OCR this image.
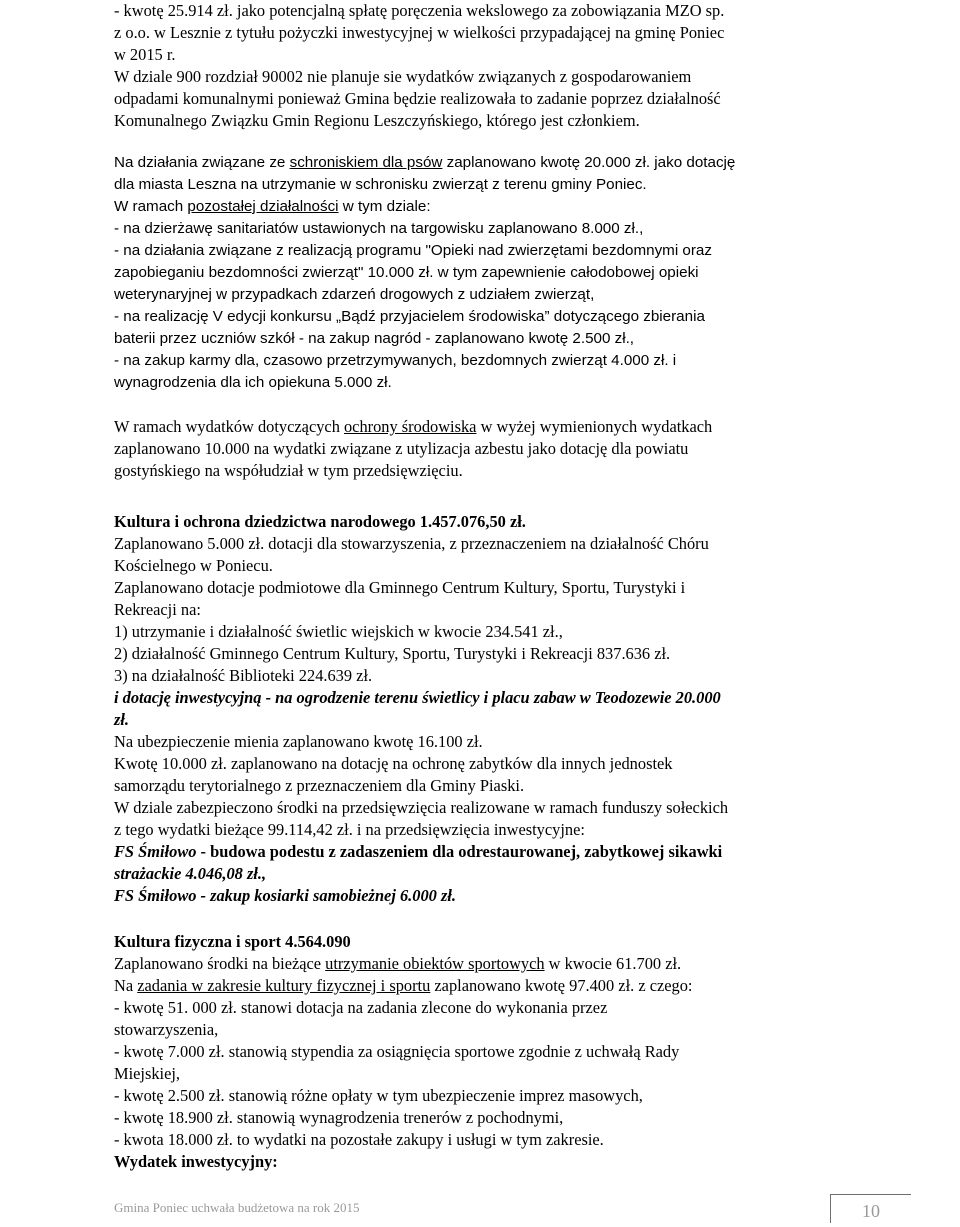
- kwotę 25.914 zł. jako potencjalną spłatę poręczenia wekslowego za zobowiązania MZO sp.

z o.o. w Lesznie z tytułu pożyczki inwestycyjnej w wielkości przypadającej na gminę Poniec

w 2015 r.

W dziale 900 rozdział 90002 nie planuje sie wydatków związanych z gospodarowaniem

odpadami komunalnymi ponieważ Gmina będzie realizowała to zadanie poprzez działalność

Komunalnego Związku Gmin Regionu Leszczyńskiego, którego jest członkiem.

Na działania związane ze schroniskiem dla psów zaplanowano kwotę 20.000 zł. jako dotację

dla miasta Leszna na utrzymanie w schronisku zwierząt z terenu gminy Poniec.

W ramach pozostałej działalności w tym dziale:

- na dzierżawę sanitariatów ustawionych na targowisku zaplanowano 8.000 zł.,

- na działania związane z realizacją programu "Opieki nad zwierzętami bezdomnymi oraz

zapobieganiu bezdomności zwierząt" 10.000 zł. w tym zapewnienie całodobowej opieki

weterynaryjnej w przypadkach zdarzeń drogowych z udziałem zwierząt,

- na realizację V edycji konkursu „Bądź przyjacielem środowiska” dotyczącego zbierania

baterii przez uczniów szkół - na zakup nagród - zaplanowano kwotę 2.500 zł.,

- na zakup karmy dla, czasowo przetrzymywanych, bezdomnych zwierząt 4.000 zł. i

wynagrodzenia dla ich opiekuna 5.000 zł.

W ramach wydatków dotyczących ochrony środowiska w wyżej wymienionych wydatkach

zaplanowano 10.000 na wydatki związane z utylizacja azbestu jako dotację dla powiatu

gostyńskiego na współudział w tym przedsięwzięciu.

Kultura i ochrona dziedzictwa narodowego 1.457.076,50 zł.

Zaplanowano 5.000 zł. dotacji dla stowarzyszenia, z przeznaczeniem na działalność Chóru

Kościelnego w Poniecu.

Zaplanowano dotacje podmiotowe dla Gminnego Centrum Kultury, Sportu, Turystyki i

Rekreacji na:

1) utrzymanie i działalność świetlic wiejskich w kwocie 234.541 zł.,

2) działalność Gminnego Centrum Kultury, Sportu, Turystyki i Rekreacji 837.636 zł.

3) na działalność Biblioteki 224.639 zł.

i dotację inwestycyjną - na ogrodzenie terenu świetlicy i placu zabaw w Teodozewie 20.000

zł.

Na ubezpieczenie mienia zaplanowano kwotę 16.100 zł.

Kwotę 10.000 zł. zaplanowano na dotację na ochronę zabytków dla innych jednostek

samorządu terytorialnego z przeznaczeniem dla Gminy Piaski.

W dziale zabezpieczono środki na przedsięwzięcia realizowane w ramach funduszy sołeckich

z tego wydatki bieżące 99.114,42 zł. i na przedsięwzięcia inwestycyjne:

FS Śmiłowo - budowa podestu z zadaszeniem dla odrestaurowanej, zabytkowej sikawki

strażackie 4.046,08 zł.,

FS Śmiłowo - zakup kosiarki samobieżnej 6.000 zł.

Kultura fizyczna i sport 4.564.090

Zaplanowano środki na bieżące utrzymanie obiektów sportowych w kwocie 61.700 zł.

Na zadania w zakresie kultury fizycznej i sportu zaplanowano kwotę 97.400 zł. z czego:

- kwotę 51. 000 zł. stanowi dotacja na zadania zlecone do wykonania przez

stowarzyszenia,

- kwotę 7.000 zł. stanowią stypendia za osiągnięcia sportowe zgodnie z uchwałą Rady

Miejskiej,

- kwotę 2.500 zł. stanowią różne opłaty w tym ubezpieczenie imprez masowych,

- kwotę 18.900 zł. stanowią wynagrodzenia trenerów z pochodnymi,

- kwota 18.000 zł. to wydatki na pozostałe zakupy i usługi w tym zakresie.

Wydatek inwestycyjny:

Gmina Poniec uchwała budżetowa na rok 2015	10
